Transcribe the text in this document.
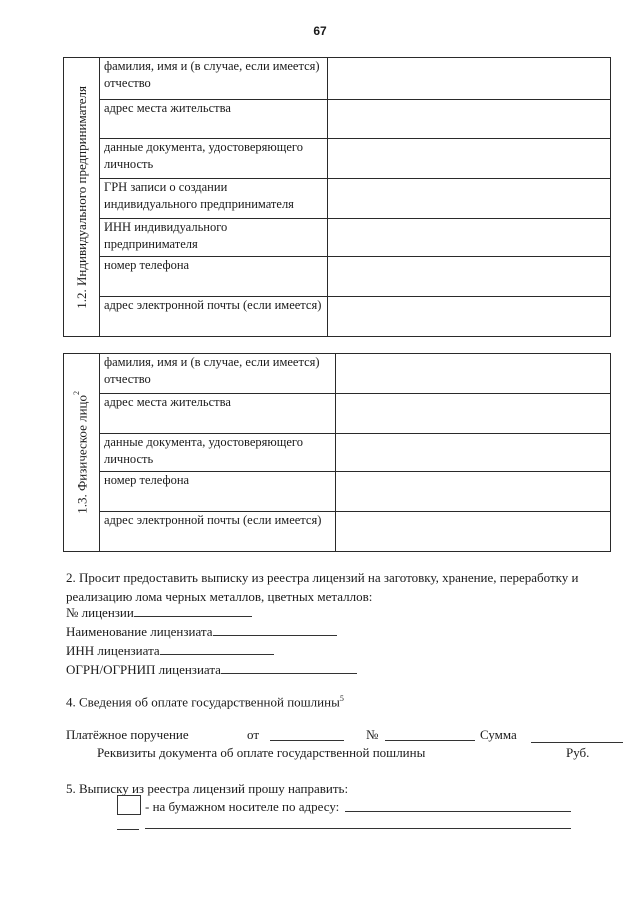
67
1.2. Индивидуального предпринимателя	фамилия, имя и (в случае, если имеется) отчество	
	адрес места жительства	
	данные документа, удостоверяющего личность	
	ГРН записи о создании индивидуального предпринимателя	
	ИНН индивидуального предпринимателя	
	номер телефона	
	адрес электронной почты (если имеется)	
1.3. Физическое лицо$^2$	фамилия, имя и (в случае, если имеется) отчество	
	адрес места жительства	
	данные документа, удостоверяющего личность	
	номер телефона	
	адрес электронной почты (если имеется)	
2. Просит предоставить выписку из реестра лицензий на заготовку, хранение, переработку и реализацию лома черных металлов, цветных металлов:
№ лицензии
Наименование лицензиата
ИНН лицензиата
ОГРН/ОГРНИП лицензиата
4. Сведения об оплате государственной пошлины$^5$
Платёжное поручение	от	№	Сумма
Реквизиты документа об оплате государственной пошлины	Руб.
5. Выписку из реестра лицензий прошу направить:
- на бумажном носителе по адресу:
